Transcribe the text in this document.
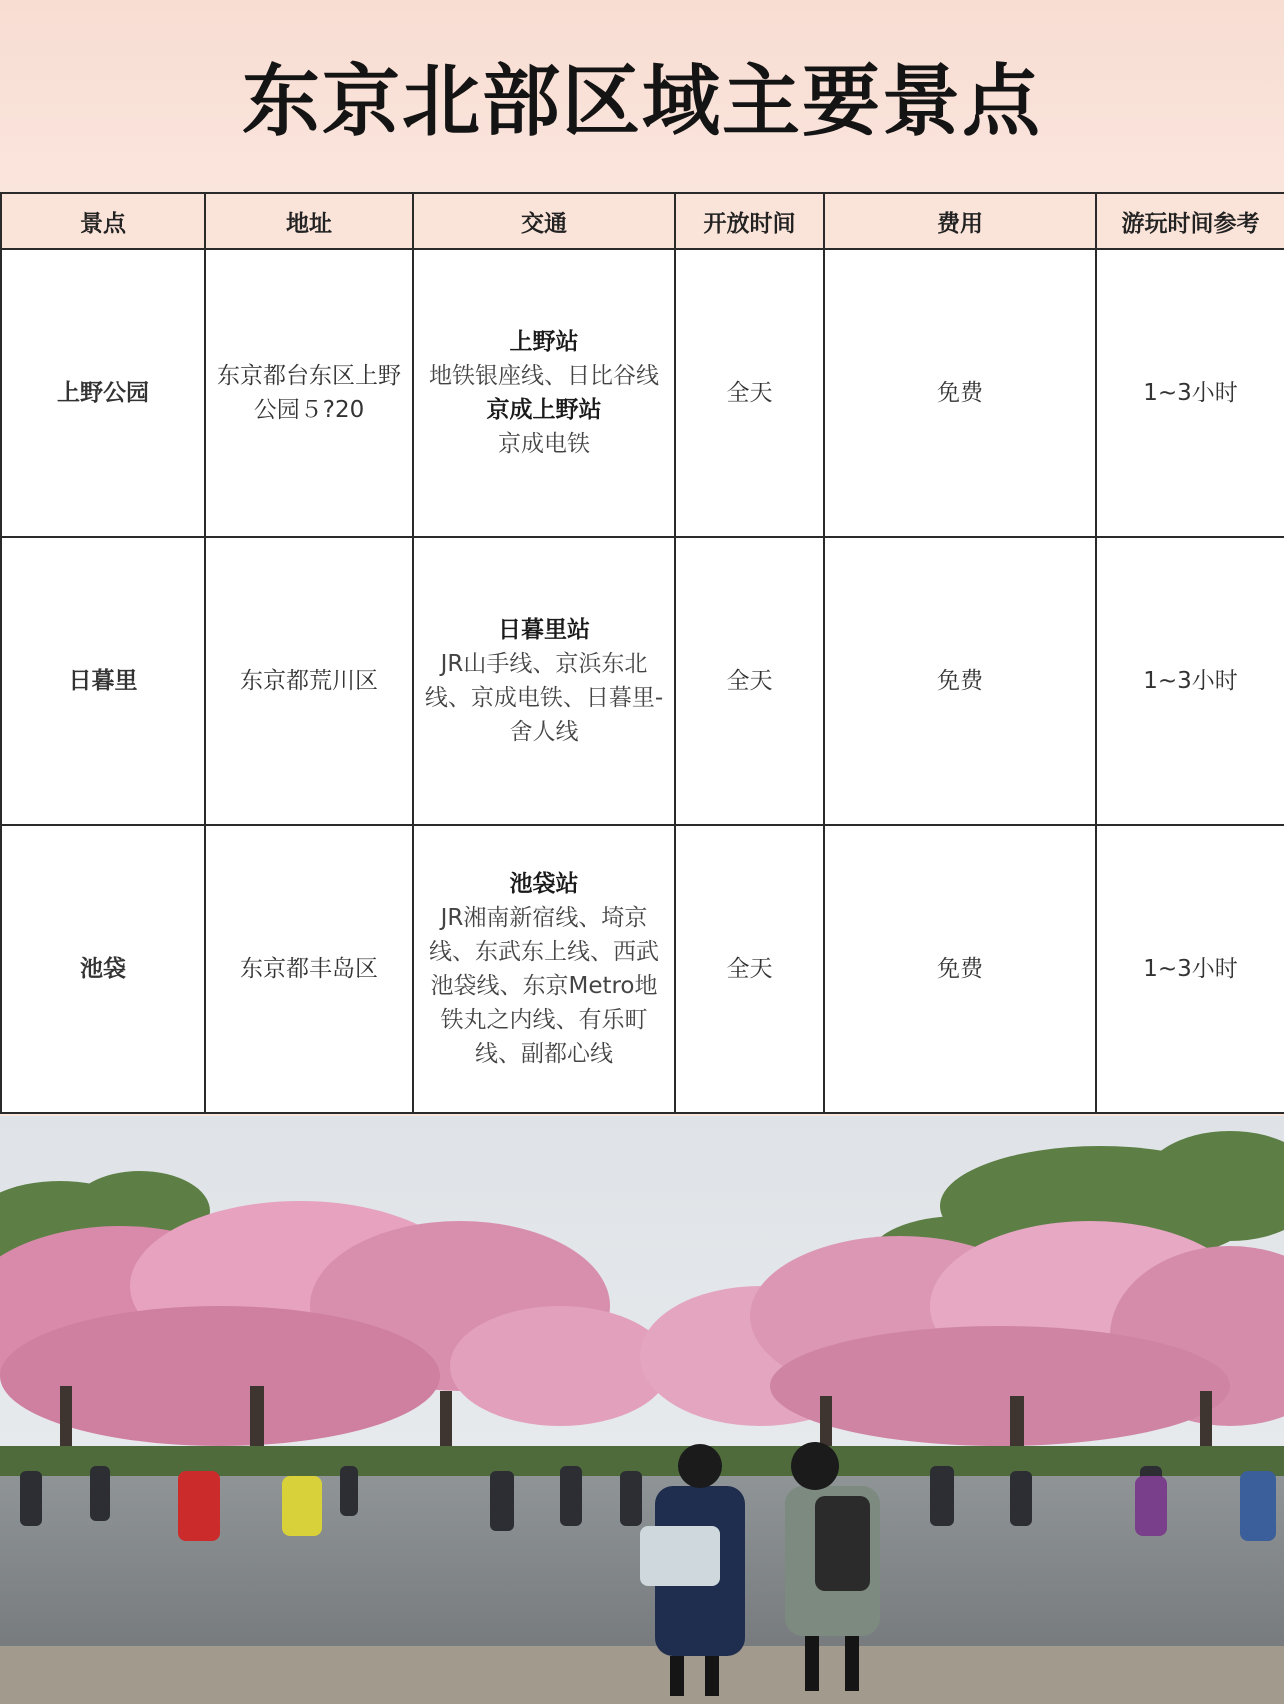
东京北部区域主要景点
景点	地址	交通	开放时间	费用	游玩时间参考
上野公园	东京都台东区上野公园５?20	上野站
地铁银座线、日比谷线
京成上野站
京成电铁	全天	免费	1~3小时
日暮里	东京都荒川区	日暮里站
JR山手线、京浜东北线、京成电铁、日暮里-舍人线	全天	免费	1~3小时
池袋	东京都丰岛区	池袋站
JR湘南新宿线、埼京线、东武东上线、西武池袋线、东京Metro地铁丸之内线、有乐町线、副都心线	全天	免费	1~3小时
